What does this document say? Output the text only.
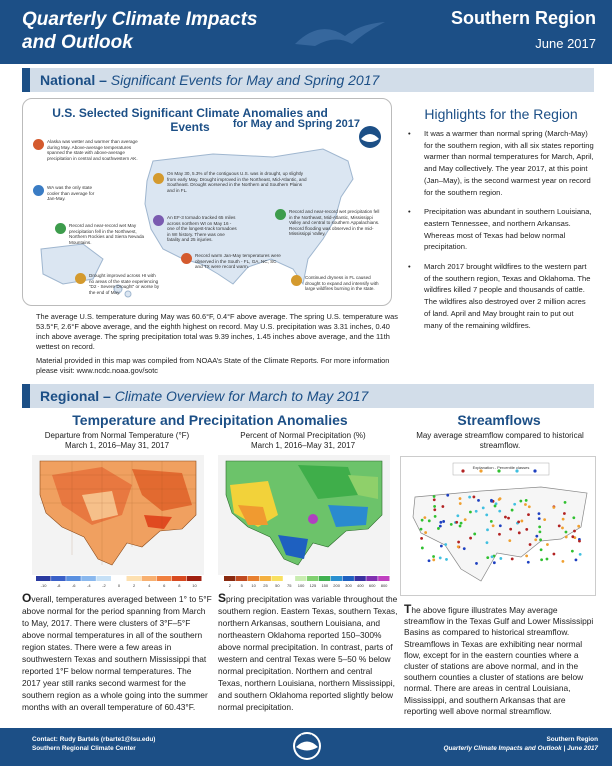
Quarterly Climate Impacts and Outlook
Southern Region
June 2017
National – Significant Events for May and Spring 2017
Alaska was wetter and warmer than average during May. Above-average temperatures spanned the state with above-average precipitation in central and southwestern AK.
WA was the only state cooler than average for Jan-May.
Record and near-record wet May precipitation fell in the Northwest, Northern Rockies and Sierra Nevada Mountains.
On May 30, 5.3% of the contiguous U.S. was in drought, up slightly from early May. Drought improved in the Northeast, Mid-Atlantic, and Southeast. Drought worsened in the Northern and Southern Plains and in FL.
An EF-3 tornado tracked 65 miles across northern WI on May 16 - one of the longest-track tornadoes in WI history. There was one fatality and 25 injuries.
Record and near-record wet precipitation fell in the Northeast, Mid-Atlantic, Mississippi Valley and central to southern Appalachians. Record flooding was observed in the mid-Mississippi Valley.
Record warm Jan-May temperatures were observed in the South - FL, GA, NC, SC and TX were record warm.
Drought improved across HI with no areas of the state experiencing “D2 - Severe Drought” or worse by the end of May.
Continued dryness in FL caused drought to expand and intensify with large wildfires burning in the state.
U.S. Selected Significant Climate Anomalies and Events	for May and Spring 2017
The average U.S. temperature during May was 60.6°F, 0.4°F above average. The spring U.S. temperature was 53.5°F, 2.6°F above average, and the eighth highest on record. May U.S. precipitation was 3.31 inches, 0.40 inch above average. The spring precipitation total was 9.39 inches, 1.45 inches above average, and the 11th wettest on record.
Material provided in this map was compiled from NOAA’s State of the Climate Reports. For more information please visit: www.ncdc.noaa.gov/sotc
Highlights for the Region
• It was a warmer than normal spring (March-May) for the southern region, with all six states reporting warmer than normal temperatures for March, April, and May collectively. The year 2017, at this point (Jan–May), is the second warmest year on record for the southern region.
• Precipitation was abundant in southern Louisiana, eastern Tennessee, and northern Arkansas. Whereas most of Texas had below normal precipitation.
• March 2017 brought wildfires to the western part of the southern region, Texas and Oklahoma. The wildfires killed 7 people and thousands of cattle. The wildfires also destroyed over 2 million acres of land. April and May brought rain to put out many of the remaining wildfires.
Regional – Climate Overview for March to May 2017
Temperature and Precipitation Anomalies
Departure from Normal Temperature (°F)
March 1, 2016–May 31, 2017
-10	-8	-6	-4	-2	0	2	4	6	8	10
Percent of Normal Precipitation (%)
March 1, 2016–May 31, 2017
2 5 10 25 50 75 100 125 150 200 300 400 600 800
Overall, temperatures averaged between 1° to 5°F above normal for the period spanning from March to May, 2017. There were clusters of 3°F–5°F above normal temperatures in all of the southern region states. There were a few areas in southwestern Texas and southern Mississippi that reported 1°F below normal temperatures. The 2017 year still ranks second warmest for the southern region as a whole going into the summer months with an overall temperature of 60.43°F.
Spring precipitation was variable throughout the southern region. Eastern Texas, southern Texas, northern Arkansas, southern Louisiana, and northeastern Oklahoma reported 150–300% above normal precipitation. In contrast, parts of western and central Texas were 5–50 % below normal precipitation. Northern and central Texas, northern Louisiana, northern Mississippi, and southern Oklahoma reported slightly below normal precipitation.
Streamflows
May average streamflow compared to historical streamflow.
Explanation - Percentile classes
The above figure illustrates May average streamflow in the Texas Gulf and Lower Mississippi Basins as compared to historical streamflow. Streamflows in Texas are exhibiting near normal flow, except for in the eastern counties where a cluster of stations are above normal, and in the southern counties a cluster of stations are below normal. There are areas in central Louisiana, Mississippi, and southern Arkansas that are reporting well above normal streamflow.
Contact: Rudy Bartels (rbarte1@lsu.edu)
Southern Regional Climate Center
NOAA
Southern Region
Quarterly Climate Impacts and Outlook | June 2017
